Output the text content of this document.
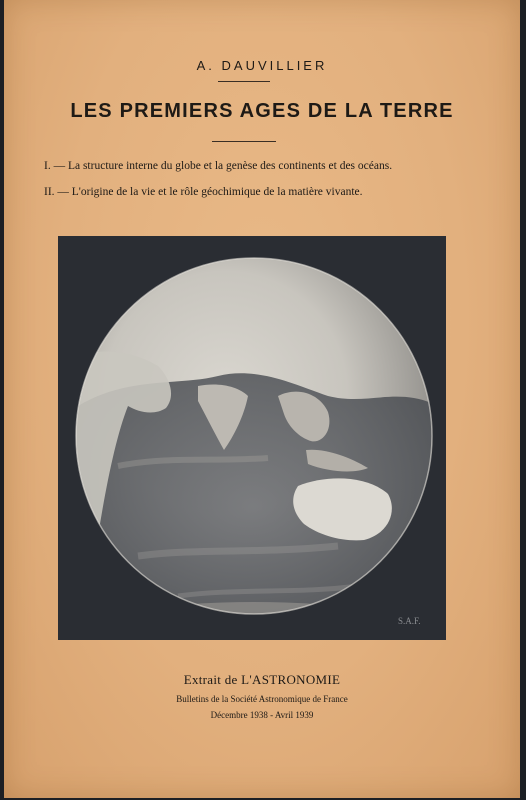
A. DAUVILLIER
LES PREMIERS AGES DE LA TERRE
I. — La structure interne du globe et la genèse des continents et des océans.
II. — L'origine de la vie et le rôle géochimique de la matière vivante.
S.A.F.
Extrait de L'ASTRONOMIE
Bulletins de la Société Astronomique de France
Décembre 1938 - Avril 1939
